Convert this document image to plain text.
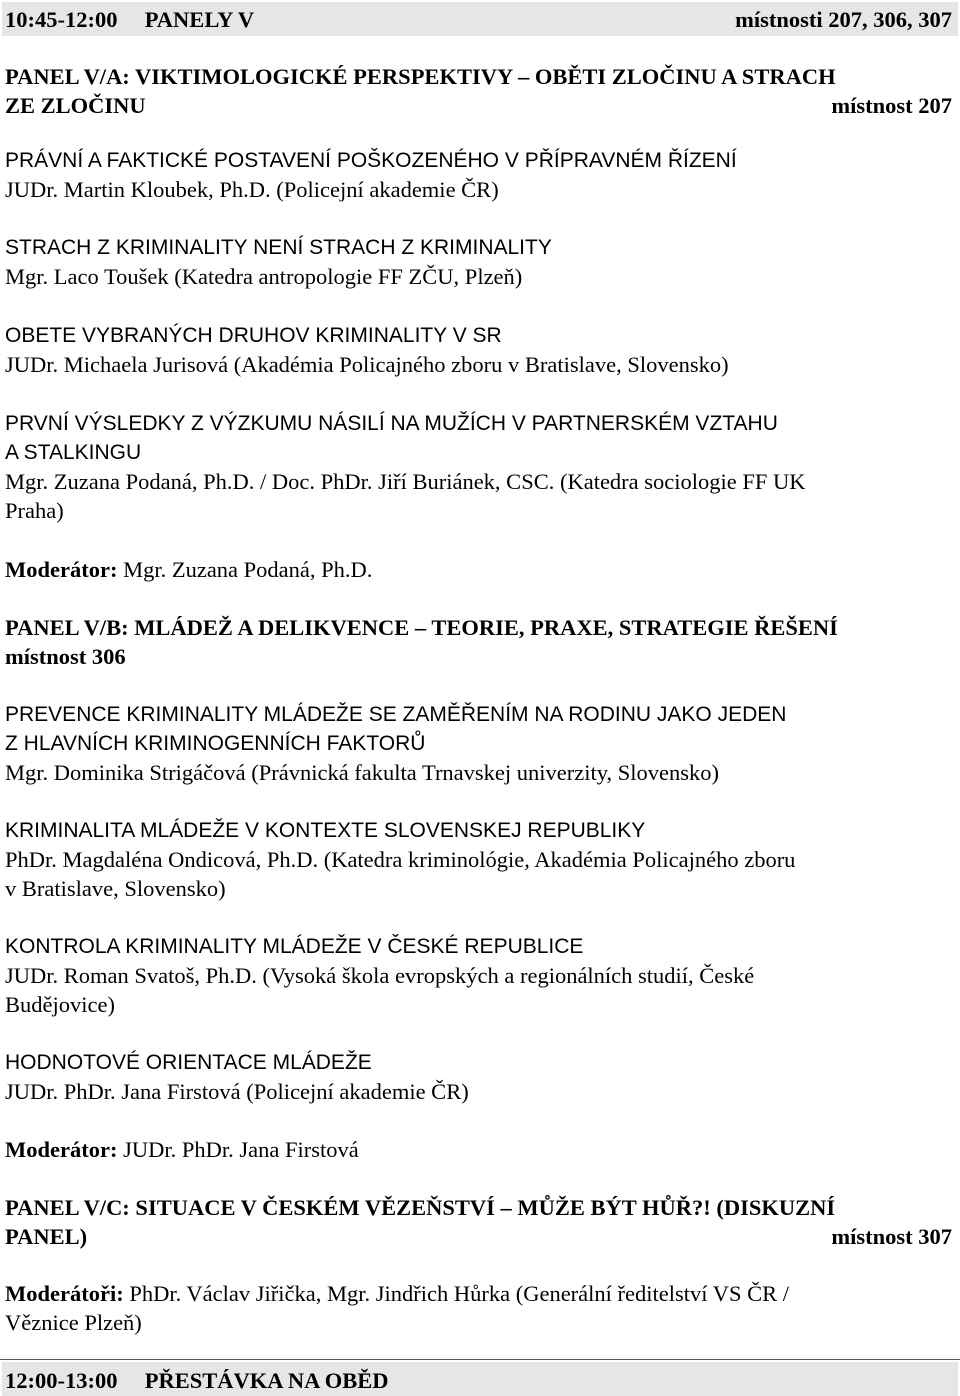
10:45-12:00 PANELY V	místnosti 207, 306, 307
PANEL V/A: VIKTIMOLOGICKÉ PERSPEKTIVY – OBĚTI ZLOČINU A STRACH
ZE ZLOČINU	místnost 207
PRÁVNÍ A FAKTICKÉ POSTAVENÍ POŠKOZENÉHO V PŘÍPRAVNÉM ŘÍZENÍ
JUDr. Martin Kloubek, Ph.D. (Policejní akademie ČR)
STRACH Z KRIMINALITY NENÍ STRACH Z KRIMINALITY
Mgr. Laco Toušek (Katedra antropologie FF ZČU, Plzeň)
OBETE VYBRANÝCH DRUHOV KRIMINALITY V SR
JUDr. Michaela Jurisová (Akadémia Policajného zboru v Bratislave, Slovensko)
PRVNÍ VÝSLEDKY Z VÝZKUMU NÁSILÍ NA MUŽÍCH V PARTNERSKÉM VZTAHU
A STALKINGU
Mgr. Zuzana Podaná, Ph.D. / Doc. PhDr. Jiří Buriánek, CSC. (Katedra sociologie FF UK
Praha)
Moderátor: Mgr. Zuzana Podaná, Ph.D.
PANEL V/B: MLÁDEŽ A DELIKVENCE – TEORIE, PRAXE, STRATEGIE ŘEŠENÍ
místnost 306
PREVENCE KRIMINALITY MLÁDEŽE SE ZAMĚŘENÍM NA RODINU JAKO JEDEN
Z HLAVNÍCH KRIMINOGENNÍCH FAKTORŮ
Mgr. Dominika Strigáčová (Právnická fakulta Trnavskej univerzity, Slovensko)
KRIMINALITA MLÁDEŽE V KONTEXTE SLOVENSKEJ REPUBLIKY
PhDr. Magdaléna Ondicová, Ph.D. (Katedra kriminológie, Akadémia Policajného zboru
v Bratislave, Slovensko)
KONTROLA KRIMINALITY MLÁDEŽE V ČESKÉ REPUBLICE
JUDr. Roman Svatoš, Ph.D. (Vysoká škola evropských a regionálních studií, České
Budějovice)
HODNOTOVÉ ORIENTACE MLÁDEŽE
JUDr. PhDr. Jana Firstová (Policejní akademie ČR)
Moderátor: JUDr. PhDr. Jana Firstová
PANEL V/C: SITUACE V ČESKÉM VĚZEŇSTVÍ – MŮŽE BÝT HŮŘ?! (DISKUZNÍ
PANEL)	místnost 307
Moderátoři: PhDr. Václav Jiřička, Mgr. Jindřich Hůrka (Generální ředitelství VS ČR /
Věznice Plzeň)
12:00-13:00 PŘESTÁVKA NA OBĚD
